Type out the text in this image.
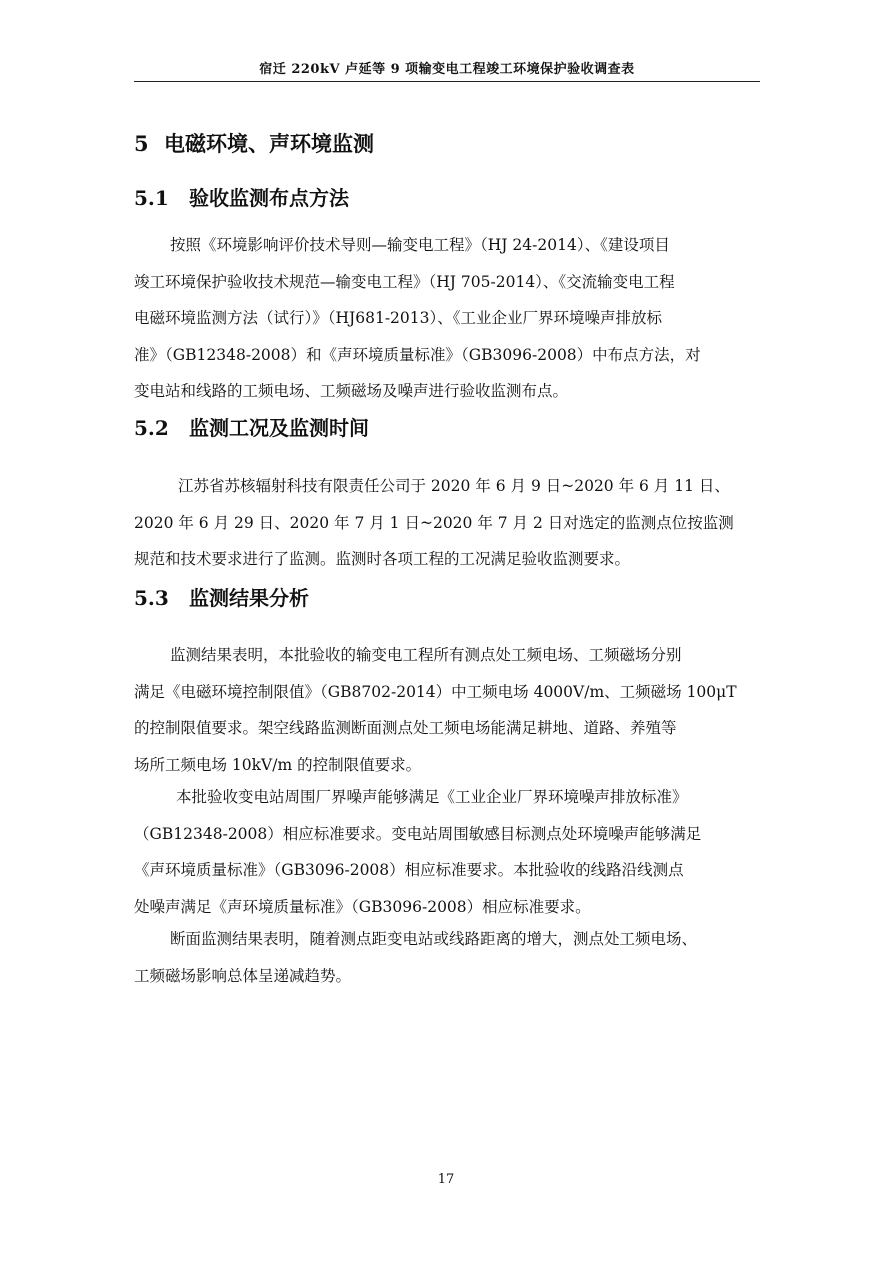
宿迁 220kV 卢延等 9 项输变电工程竣工环境保护验收调查表
5 电磁环境、声环境监测
5.1 验收监测布点方法
按照《环境影响评价技术导则—输变电工程》（HJ 24-2014）、《建设项目
竣工环境保护验收技术规范—输变电工程》（HJ 705-2014）、《交流输变电工程
电磁环境监测方法（试行）》（HJ681-2013）、《工业企业厂界环境噪声排放标
准》（GB12348-2008）和《声环境质量标准》（GB3096-2008）中布点方法，对
变电站和线路的工频电场、工频磁场及噪声进行验收监测布点。
5.2 监测工况及监测时间
江苏省苏核辐射科技有限责任公司于 2020 年 6 月 9 日~2020 年 6 月 11 日、
2020 年 6 月 29 日、2020 年 7 月 1 日~2020 年 7 月 2 日对选定的监测点位按监测
规范和技术要求进行了监测。监测时各项工程的工况满足验收监测要求。
5.3 监测结果分析
监测结果表明，本批验收的输变电工程所有测点处工频电场、工频磁场分别
满足《电磁环境控制限值》（GB8702-2014）中工频电场 4000V/m、工频磁场 100μT
的控制限值要求。架空线路监测断面测点处工频电场能满足耕地、道路、养殖等
场所工频电场 10kV/m 的控制限值要求。
本批验收变电站周围厂界噪声能够满足《工业企业厂界环境噪声排放标准》
（GB12348-2008）相应标准要求。变电站周围敏感目标测点处环境噪声能够满足
《声环境质量标准》（GB3096-2008）相应标准要求。本批验收的线路沿线测点
处噪声满足《声环境质量标准》（GB3096-2008）相应标准要求。
断面监测结果表明，随着测点距变电站或线路距离的增大，测点处工频电场、
工频磁场影响总体呈递减趋势。
17
